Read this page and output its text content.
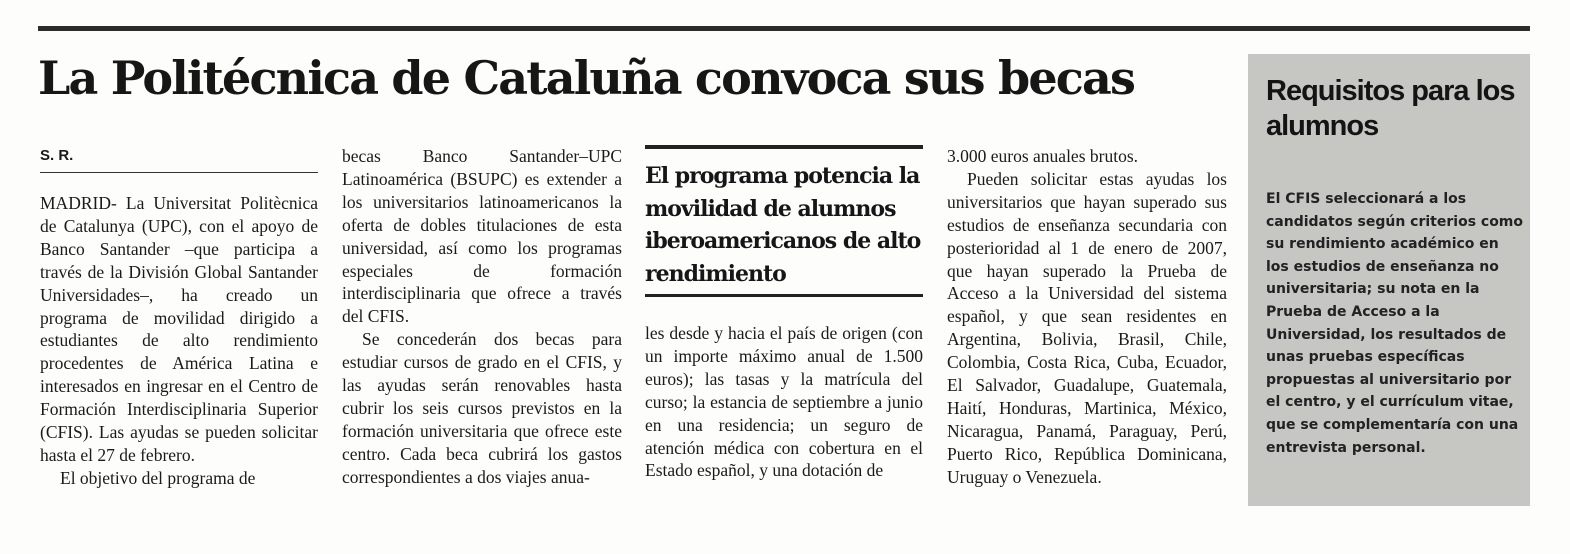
La Politécnica de Cataluña convoca sus becas
S. R.

MADRID- La Universitat Politècnica de Catalunya (UPC), con el apoyo de Banco Santander –que participa a través de la División Global Santander Universidades–, ha creado un programa de movilidad dirigido a estudiantes de alto rendimiento procedentes de América Latina e interesados en ingresar en el Centro de Formación Interdisciplinaria Superior (CFIS). Las ayudas se pueden solicitar hasta el 27 de febrero.

El objetivo del programa de

becas Banco Santander–UPC Latinoamérica (BSUPC) es extender a los universitarios latinoamericanos la oferta de dobles titulaciones de esta universidad, así como los programas especiales de formación interdisciplinaria que ofrece a través del CFIS.

Se concederán dos becas para estudiar cursos de grado en el CFIS, y las ayudas serán renovables hasta cubrir los seis cursos previstos en la formación universitaria que ofrece este centro. Cada beca cubrirá los gastos correspondientes a dos viajes anua-

El programa potencia la movilidad de alumnos iberoamericanos de alto rendimiento

les desde y hacia el país de origen (con un importe máximo anual de 1.500 euros); las tasas y la matrícula del curso; la estancia de septiembre a junio en una residencia; un seguro de atención médica con cobertura en el Estado español, y una dotación de

3.000 euros anuales brutos.

Pueden solicitar estas ayudas los universitarios que hayan superado sus estudios de enseñanza secundaria con posterioridad al 1 de enero de 2007, que hayan superado la Prueba de Acceso a la Universidad del sistema español, y que sean residentes en Argentina, Bolivia, Brasil, Chile, Colombia, Costa Rica, Cuba, Ecuador, El Salvador, Guadalupe, Guatemala, Haití, Honduras, Martinica, México, Nicaragua, Panamá, Paraguay, Perú, Puerto Rico, República Dominicana, Uruguay o Venezuela.

Requisitos para los alumnos

El CFIS seleccionará a los candidatos según criterios como su rendimiento académico en los estudios de enseñanza no universitaria; su nota en la Prueba de Acceso a la Universidad, los resultados de unas pruebas específicas propuestas al universitario por el centro, y el currículum vitae, que se complementaría con una entrevista personal.
